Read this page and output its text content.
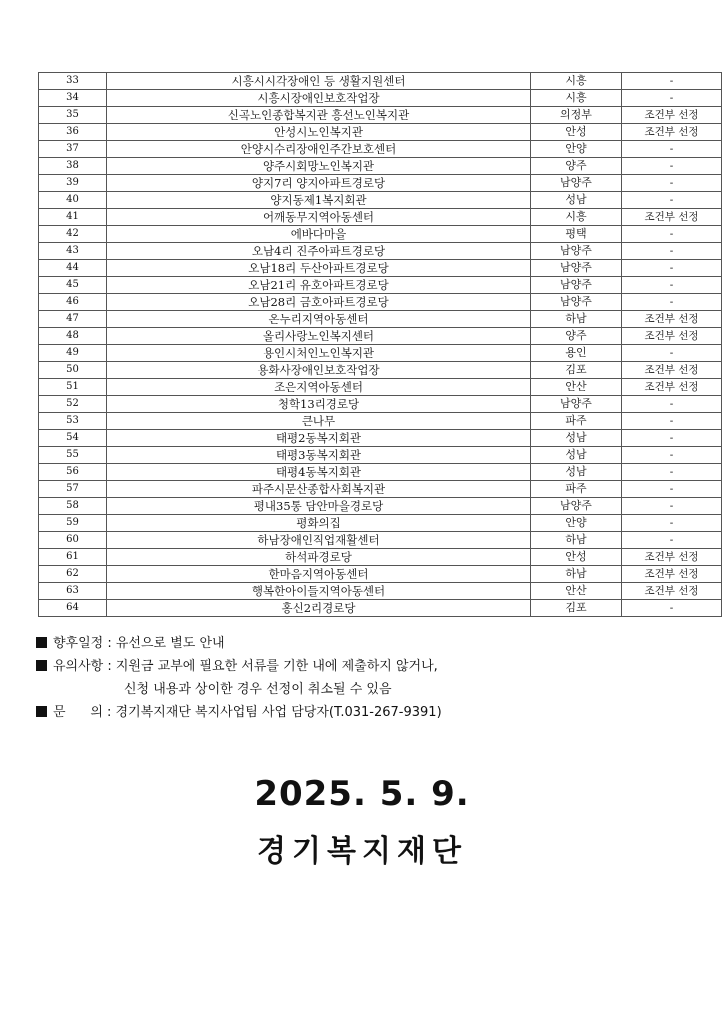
33	시흥시시각장애인 등 생활지원센터	시흥	-
34	시흥시장애인보호작업장	시흥	-
35	신곡노인종합복지관 흥선노인복지관	의정부	조건부 선정
36	안성시노인복지관	안성	조건부 선정
37	안양시수리장애인주간보호센터	안양	-
38	양주시회망노인복지관	양주	-
39	양지7리 양지아파트경로당	남양주	-
40	양지동제1복지회관	성남	-
41	어깨동무지역아동센터	시흥	조건부 선정
42	에바다마을	평택	-
43	오남4리 진주아파트경로당	남양주	-
44	오남18리 두산아파트경로당	남양주	-
45	오남21리 유호아파트경로당	남양주	-
46	오남28리 금호아파트경로당	남양주	-
47	온누리지역아동센터	하남	조건부 선정
48	올리사랑노인복지센터	양주	조건부 선정
49	용인시처인노인복지관	용인	-
50	용화사장애인보호작업장	김포	조건부 선정
51	조은지역아동센터	안산	조건부 선정
52	청학13리경로당	남양주	-
53	큰나무	파주	-
54	태평2동복지회관	성남	-
55	태평3동복지회관	성남	-
56	태평4동복지회관	성남	-
57	파주시문산종합사회복지관	파주	-
58	평내35통 담안마을경로당	남양주	-
59	평화의집	안양	-
60	하남장애인직업재활센터	하남	-
61	하석파경로당	안성	조건부 선정
62	한마음지역아동센터	하남	조건부 선정
63	행복한아이들지역아동센터	안산	조건부 선정
64	홍신2리경로당	김포	-
향후일정 : 유선으로 별도 안내
유의사항 : 지원금 교부에 필요한 서류를 기한 내에 제출하지 않거나,
신청 내용과 상이한 경우 선정이 취소될 수 있음
문      의 : 경기복지재단 복지사업팀 사업 담당자(T.031-267-9391)
2025. 5. 9.
경기복지재단
